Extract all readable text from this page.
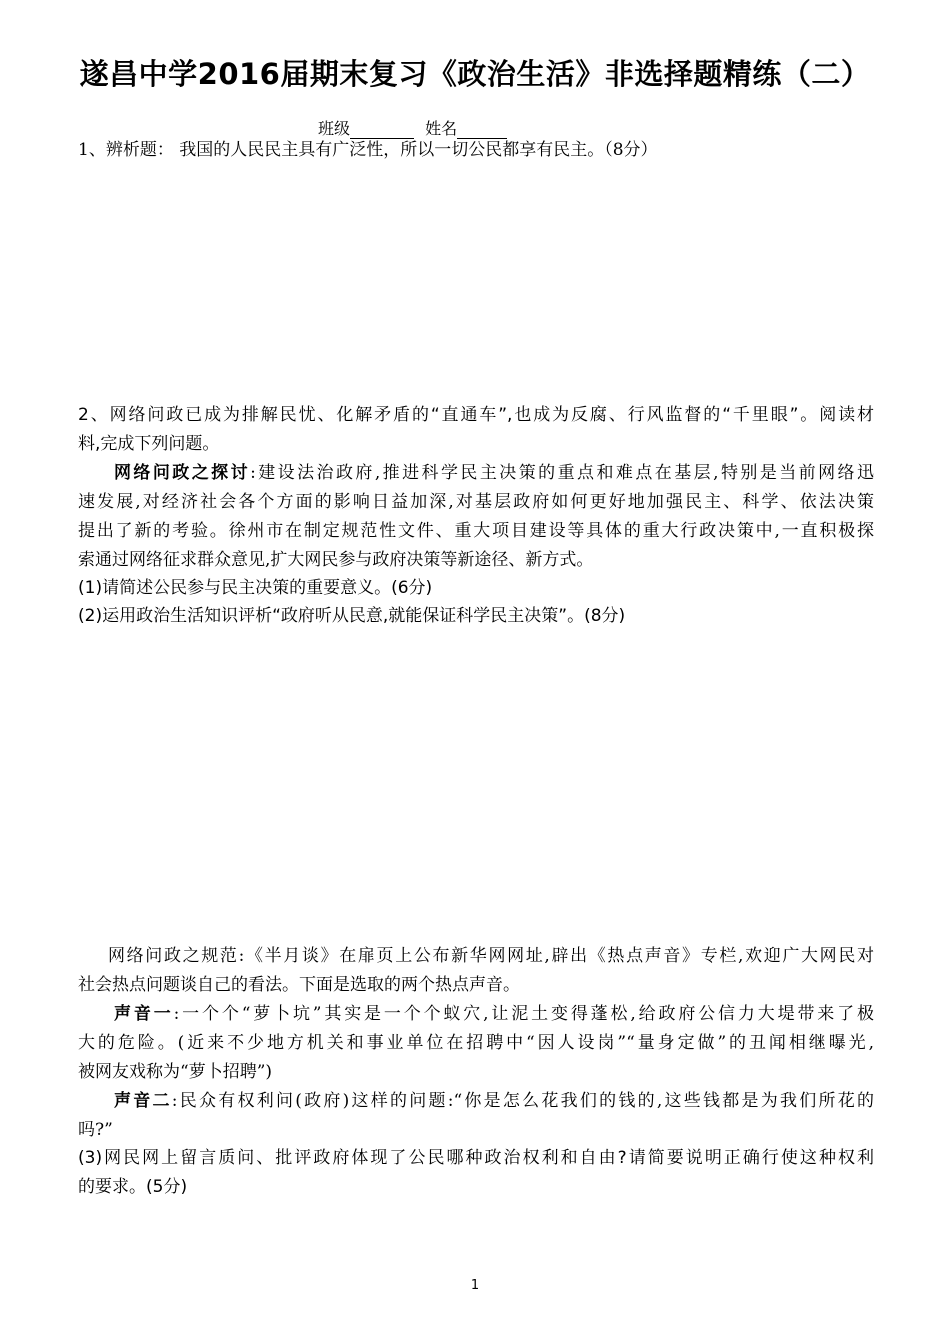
遂昌中学2016届期末复习《政治生活》非选择题精练（二）
班级	姓名
1、辨析题： 我国的人民民主具有广泛性，所以一切公民都享有民主。（8分）
2、网络问政已成为排解民忧、化解矛盾的“直通车”,也成为反腐、行风监督的“千里眼”。阅读材
料,完成下列问题。
网络问政之探讨:建设法治政府,推进科学民主决策的重点和难点在基层,特别是当前网络迅
速发展,对经济社会各个方面的影响日益加深,对基层政府如何更好地加强民主、科学、依法决策
提出了新的考验。徐州市在制定规范性文件、重大项目建设等具体的重大行政决策中,一直积极探
索通过网络征求群众意见,扩大网民参与政府决策等新途径、新方式。
(1)请简述公民参与民主决策的重要意义。(6分)
(2)运用政治生活知识评析“政府听从民意,就能保证科学民主决策”。(8分)
网络问政之规范:《半月谈》在扉页上公布新华网网址,辟出《热点声音》专栏,欢迎广大网民对
社会热点问题谈自己的看法。下面是选取的两个热点声音。
声音一:一个个“萝卜坑”其实是一个个蚁穴,让泥土变得蓬松,给政府公信力大堤带来了极
大的危险。(近来不少地方机关和事业单位在招聘中“因人设岗”“量身定做”的丑闻相继曝光,
被网友戏称为“萝卜招聘”)
声音二:民众有权利问(政府)这样的问题:“你是怎么花我们的钱的,这些钱都是为我们所花的
吗?”
(3)网民网上留言质问、批评政府体现了公民哪种政治权利和自由?请简要说明正确行使这种权利
的要求。(5分)
1
